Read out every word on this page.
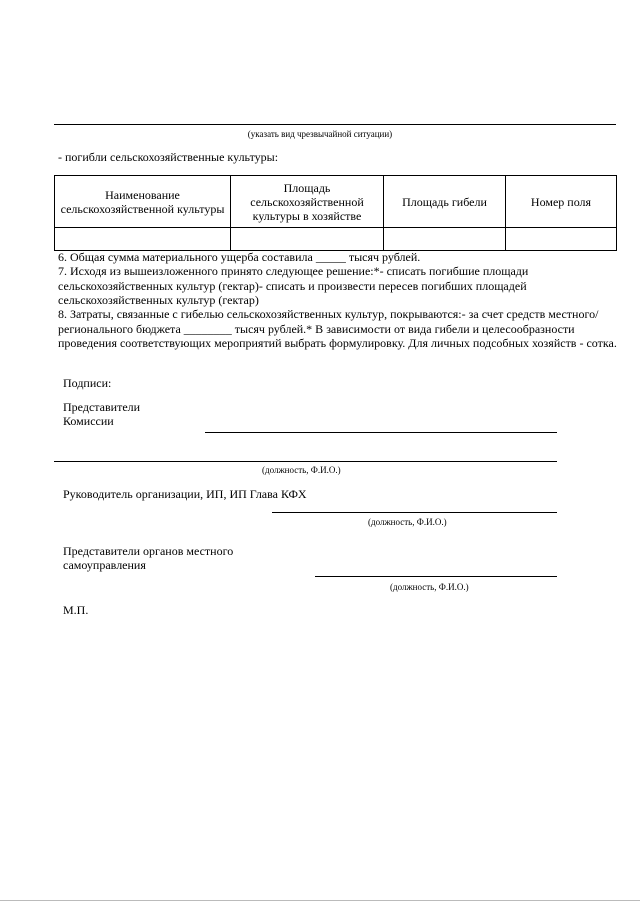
(указать вид чрезвычайной ситуации)
- погибли сельскохозяйственные культуры:
Наименование сельскохозяйственной культуры	Площадь сельскохозяйственной культуры в хозяйстве	Площадь гибели	Номер поля

6. Общая сумма материального ущерба составила _____ тысяч рублей.
7. Исходя из вышеизложенного принято следующее решение:*- списать погибшие площади сельскохозяйственных культур (гектар)- списать и произвести пересев погибших площадей сельскохозяйственных культур (гектар)
8. Затраты, связанные с гибелью сельскохозяйственных культур, покрываются:- за счет средств местного/регионального бюджета ________ тысяч рублей.* В зависимости от вида гибели и целесообразности проведения соответствующих мероприятий выбрать формулировку. Для личных подсобных хозяйств - сотка.
Подписи:
Представители
Комиссии
(должность, Ф.И.О.)
Руководитель организации, ИП, ИП Глава КФХ
(должность, Ф.И.О.)
Представители органов местного
самоуправления
(должность, Ф.И.О.)
М.П.
